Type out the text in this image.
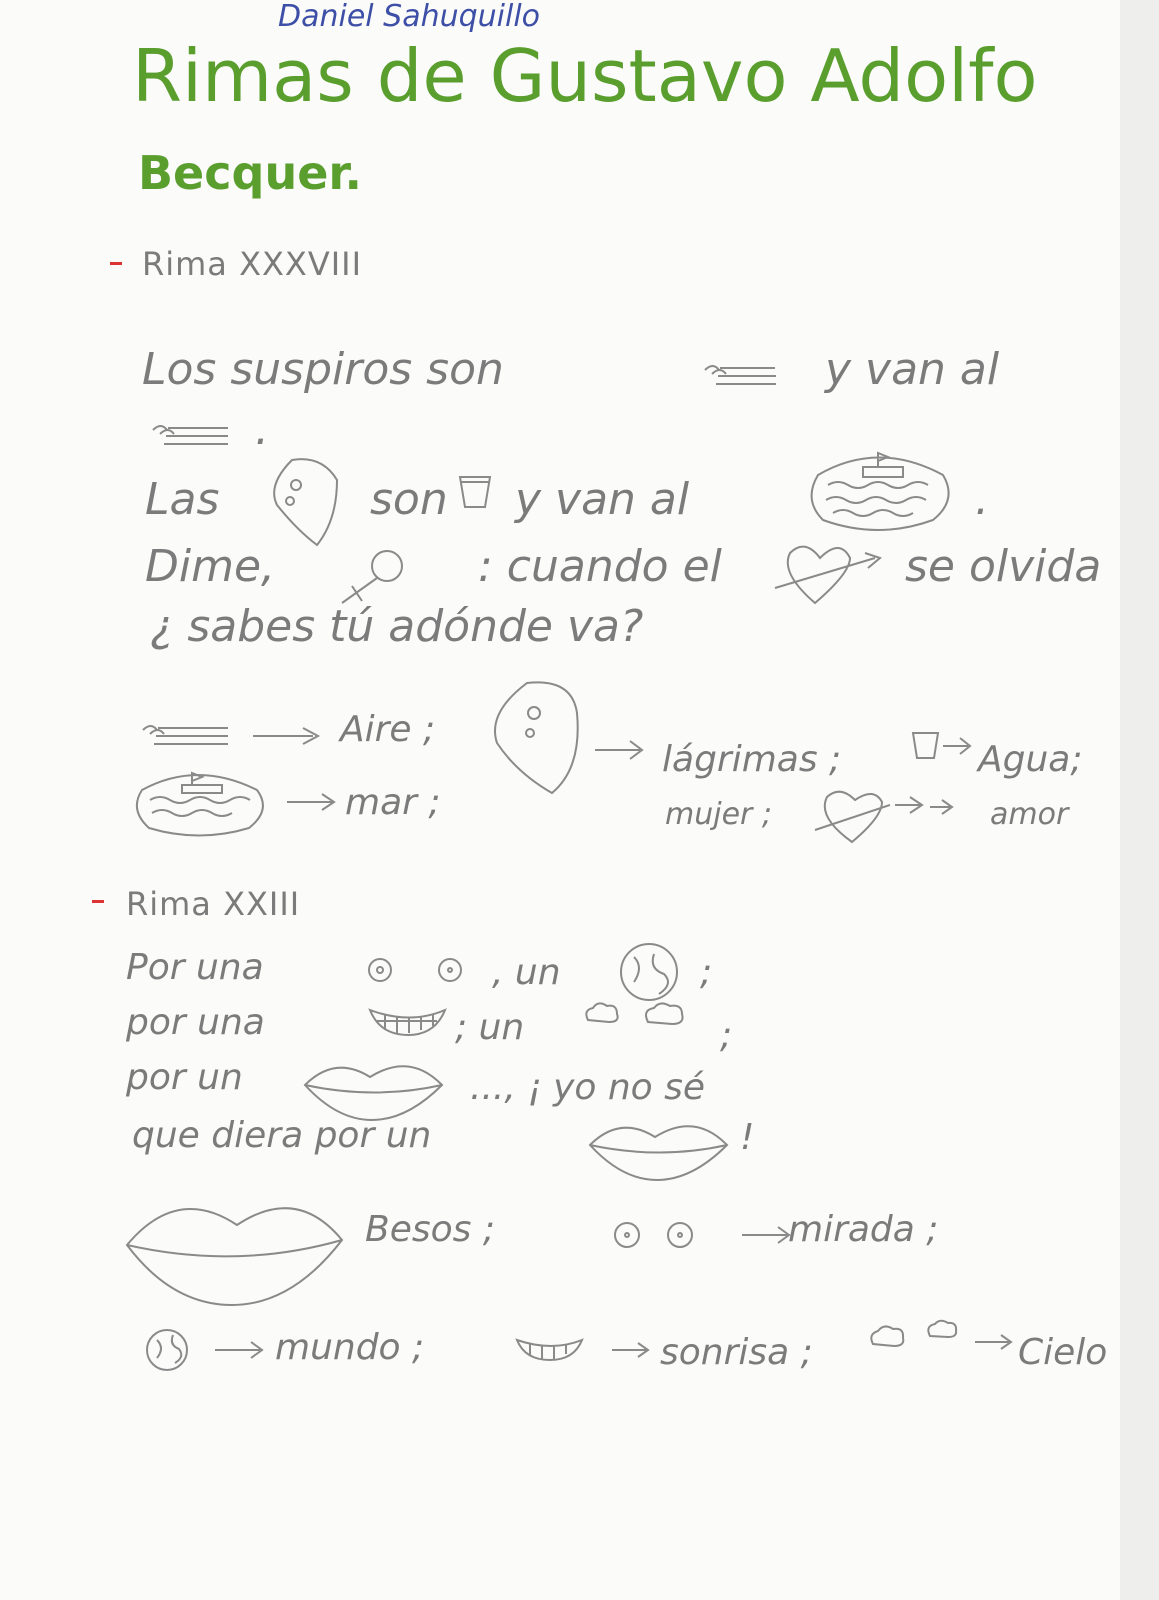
Daniel Sahuquillo
Rimas de Gustavo Adolfo
Becquer.
Rima XXXVIII
Los suspiros son	y van al
.
Las	son y van al	.
Dime,	: cuando el	se olvida
¿ sabes tú adónde va?
Aire ;
lágrimas ;	Agua;
mar ;	mujer ;	amor
Rima XXIII
Por una	, un	;
por una	; un	;
por un	..., ¡ yo no sé
que diera por un	!
Besos ;	mirada ;
mundo ;	sonrisa ;	Cielo
